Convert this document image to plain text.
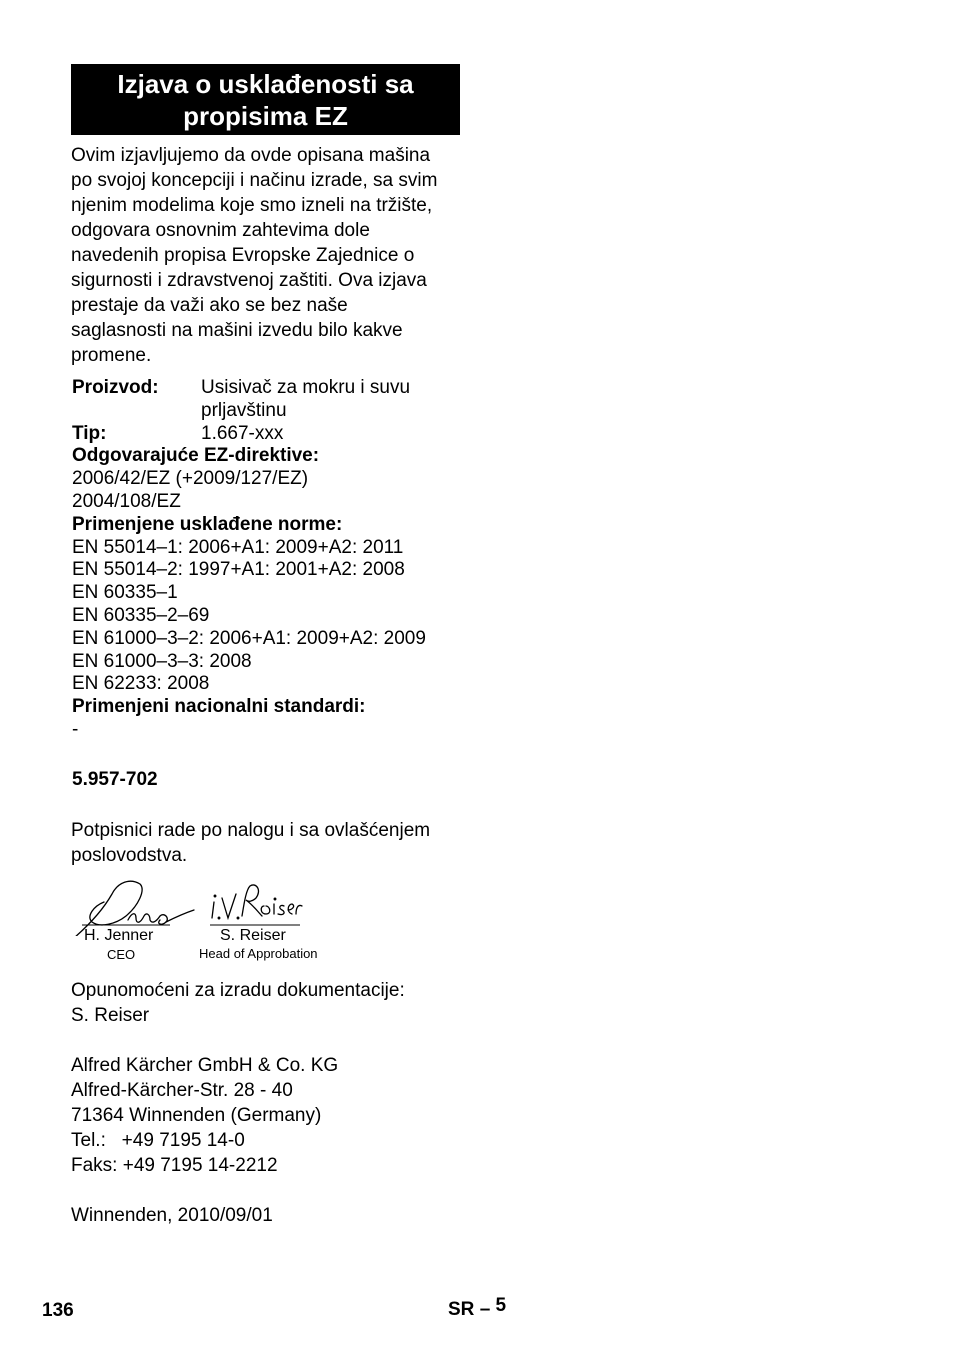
Izjava o usklađenosti sa
propisima EZ
Ovim izjavljujemo da ovde opisana mašina
po svojoj koncepciji i načinu izrade, sa svim
njenim modelima koje smo izneli na tržište,
odgovara osnovnim zahtevima dole
navedenih propisa Evropske Zajednice o
sigurnosti i zdravstvenoj zaštiti. Ova izjava
prestaje da važi ako se bez naše
saglasnosti na mašini izvedu bilo kakve
promene.
Proizvod:	Usisivač za mokru i suvu
prljavštinu
Tip:	1.667-xxx
Odgovarajuće EZ-direktive:
2006/42/EZ (+2009/127/EZ)
2004/108/EZ
Primenjene usklađene norme:
EN 55014–1: 2006+A1: 2009+A2: 2011
EN 55014–2: 1997+A1: 2001+A2: 2008
EN 60335–1
EN 60335–2–69
EN 61000–3–2: 2006+A1: 2009+A2: 2009
EN 61000–3–3: 2008
EN 62233: 2008
Primenjeni nacionalni standardi:
-
5.957-702
Potpisnici rade po nalogu i sa ovlašćenjem
poslovodstva.
H. Jenner
CEO
S. Reiser
Head of Approbation
Opunomoćeni za izradu dokumentacije:
S. Reiser
Alfred Kärcher GmbH & Co. KG
Alfred-Kärcher-Str. 28 - 40
71364 Winnenden (Germany)
Tel.:   +49 7195 14-0
Faks: +49 7195 14-2212
Winnenden, 2010/09/01
136	SR – 5
